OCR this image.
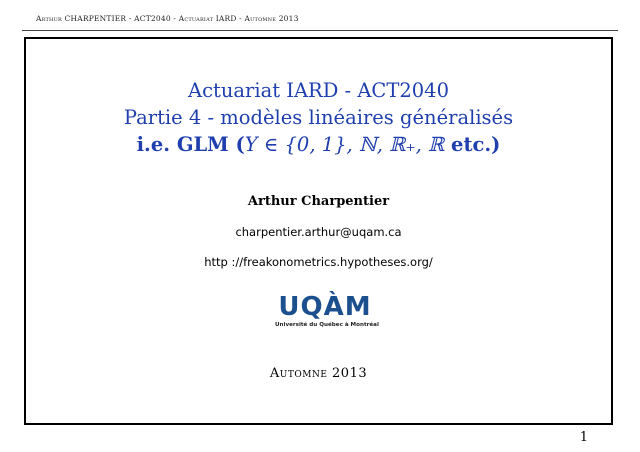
Arthur CHARPENTIER - ACT2040 - Actuariat IARD - Automne 2013
Actuariat IARD - ACT2040
Partie 4 - modèles linéaires généralisés
i.e. GLM (Y ∈ {0, 1}, ℕ, ℝ₊, ℝ etc.)
Arthur Charpentier
charpentier.arthur@uqam.ca
http ://freakonometrics.hypotheses.org/
UQÀM
Université du Québec à Montréal
Automne 2013
1
